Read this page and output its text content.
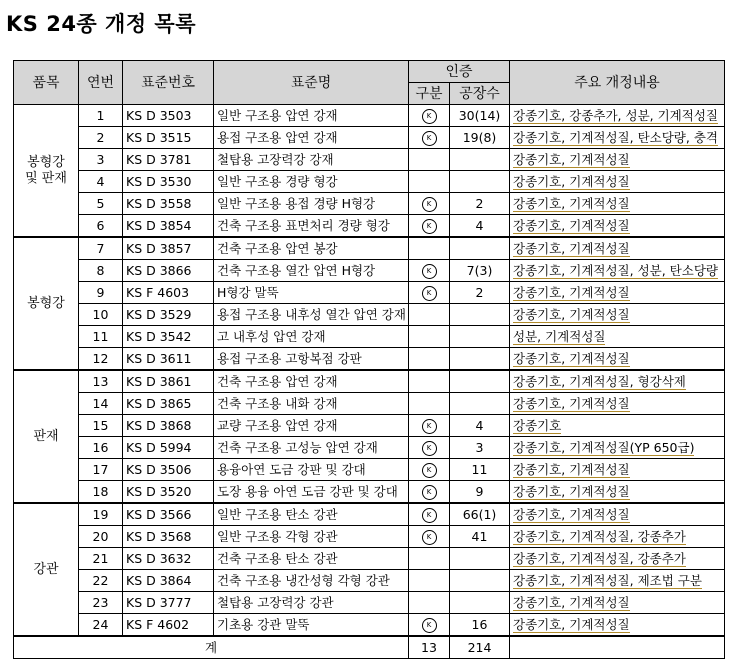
KS 24종 개정 목록
품목	연번	표준번호	표준명	인증		주요 개정내용
				구분	공장수	
봉형강
및 판재	1	KS D 3503	일반 구조용 압연 강재	K	30(14)	강종기호, 강종추가, 성분, 기계적성질
	2	KS D 3515	용접 구조용 압연 강재	K	19(8)	강종기호, 기계적성질, 탄소당량, 충격
	3	KS D 3781	철탑용 고장력강 강재			강종기호, 기계적성질
	4	KS D 3530	일반 구조용 경량 형강			강종기호, 기계적성질
	5	KS D 3558	일반 구조용 용접 경량 H형강	K	2	강종기호, 기계적성질
	6	KS D 3854	건축 구조용 표면처리 경량 형강	K	4	강종기호, 기계적성질
봉형강	7	KS D 3857	건축 구조용 압연 봉강			강종기호, 기계적성질
	8	KS D 3866	건축 구조용 열간 압연 H형강	K	7(3)	강종기호, 기계적성질, 성분, 탄소당량
	9	KS F 4603	H형강 말뚝	K	2	강종기호, 기계적성질
	10	KS D 3529	용접 구조용 내후성 열간 압연 강재			강종기호, 기계적성질
	11	KS D 3542	고 내후성 압연 강재			성분, 기계적성질
	12	KS D 3611	용접 구조용 고항복점 강판			강종기호, 기계적성질
판재	13	KS D 3861	건축 구조용 압연 강재			강종기호, 기계적성질, 형강삭제
	14	KS D 3865	건축 구조용 내화 강재			강종기호, 기계적성질
	15	KS D 3868	교량 구조용 압연 강재	K	4	강종기호
	16	KS D 5994	건축 구조용 고성능 압연 강재	K	3	강종기호, 기계적성질(YP 650급)
	17	KS D 3506	용융아연 도금 강판 및 강대	K	11	강종기호, 기계적성질
	18	KS D 3520	도장 용융 아연 도금 강판 및 강대	K	9	강종기호, 기계적성질
강관	19	KS D 3566	일반 구조용 탄소 강관	K	66(1)	강종기호, 기계적성질
	20	KS D 3568	일반 구조용 각형 강관	K	41	강종기호, 기계적성질, 강종추가
	21	KS D 3632	건축 구조용 탄소 강관			강종기호, 기계적성질, 강종추가
	22	KS D 3864	건축 구조용 냉간성형 각형 강관			강종기호, 기계적성질, 제조법 구분
	23	KS D 3777	철탑용 고장력강 강관			강종기호, 기계적성질
	24	KS F 4602	기초용 강관 말뚝	K	16	강종기호, 기계적성질
계				13	214	
